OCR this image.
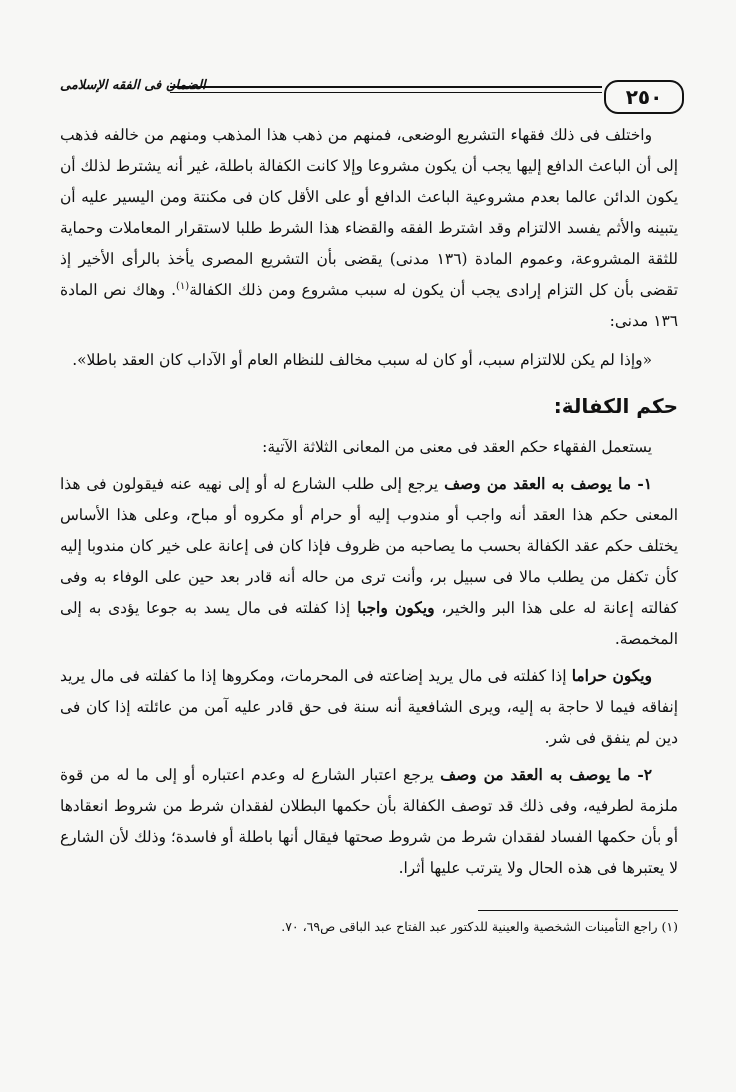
٢٥٠
الضمان فى الفقه الإسلامى

واختلف فى ذلك فقهاء التشريع الوضعى، فمنهم من ذهب هذا المذهب ومنهم من خالفه فذهب إلى أن الباعث الدافع إليها يجب أن يكون مشروعا وإلا كانت الكفالة باطلة، غير أنه يشترط لذلك أن يكون الدائن عالما بعدم مشروعية الباعث الدافع أو على الأقل كان فى مكنتة ومن اليسير عليه أن يتبينه والأثم يفسد الالتزام وقد اشترط الفقه والقضاء هذا الشرط طلبا لاستقرار المعاملات وحماية للثقة المشروعة، وعموم المادة (١٣٦ مدنى) يقضى بأن التشريع المصرى يأخذ بالرأى الأخير إذ تقضى بأن كل التزام إرادى يجب أن يكون له سبب مشروع ومن ذلك الكفالة$^{(١)}$. وهاك نص المادة ١٣٦ مدنى:

«وإذا لم يكن للالتزام سبب، أو كان له سبب مخالف للنظام العام أو الآداب كان العقد باطلا».

حكم الكفالة:

يستعمل الفقهاء حكم العقد فى معنى من المعانى الثلاثة الآتية:

١- ما يوصف به العقد من وصف يرجع إلى طلب الشارع له أو إلى نهيه عنه فيقولون فى هذا المعنى حكم هذا العقد أنه واجب أو مندوب إليه أو حرام أو مكروه أو مباح، وعلى هذا الأساس يختلف حكم عقد الكفالة بحسب ما يصاحبه من ظروف فإذا كان فى إعانة على خير كان مندوبا إليه كأن تكفل من يطلب مالا فى سبيل بر، وأنت ترى من حاله أنه قادر بعد حين على الوفاء به وفى كفالته إعانة له على هذا البر والخير، ويكون واجبا إذا كفلته فى مال يسد به جوعا يؤدى به إلى المخمصة.

ويكون حراما إذا كفلته فى مال يريد إضاعته فى المحرمات، ومكروها إذا ما كفلته فى مال يريد إنفاقه فيما لا حاجة به إليه، ويرى الشافعية أنه سنة فى حق قادر عليه آمن من عائلته إذا كان فى دين لم ينفق فى شر.

٢- ما يوصف به العقد من وصف يرجع اعتبار الشارع له وعدم اعتباره أو إلى ما له من قوة ملزمة لطرفيه، وفى ذلك قد توصف الكفالة بأن حكمها البطلان لفقدان شرط من شروط انعقادها أو بأن حكمها الفساد لفقدان شرط من شروط صحتها فيقال أنها باطلة أو فاسدة؛ وذلك لأن الشارع لا يعتبرها فى هذه الحال ولا يترتب عليها أثرا.

(١) راجع التأمينات الشخصية والعينية للدكتور عبد الفتاح عبد الباقى ص٦٩، ٧٠.
